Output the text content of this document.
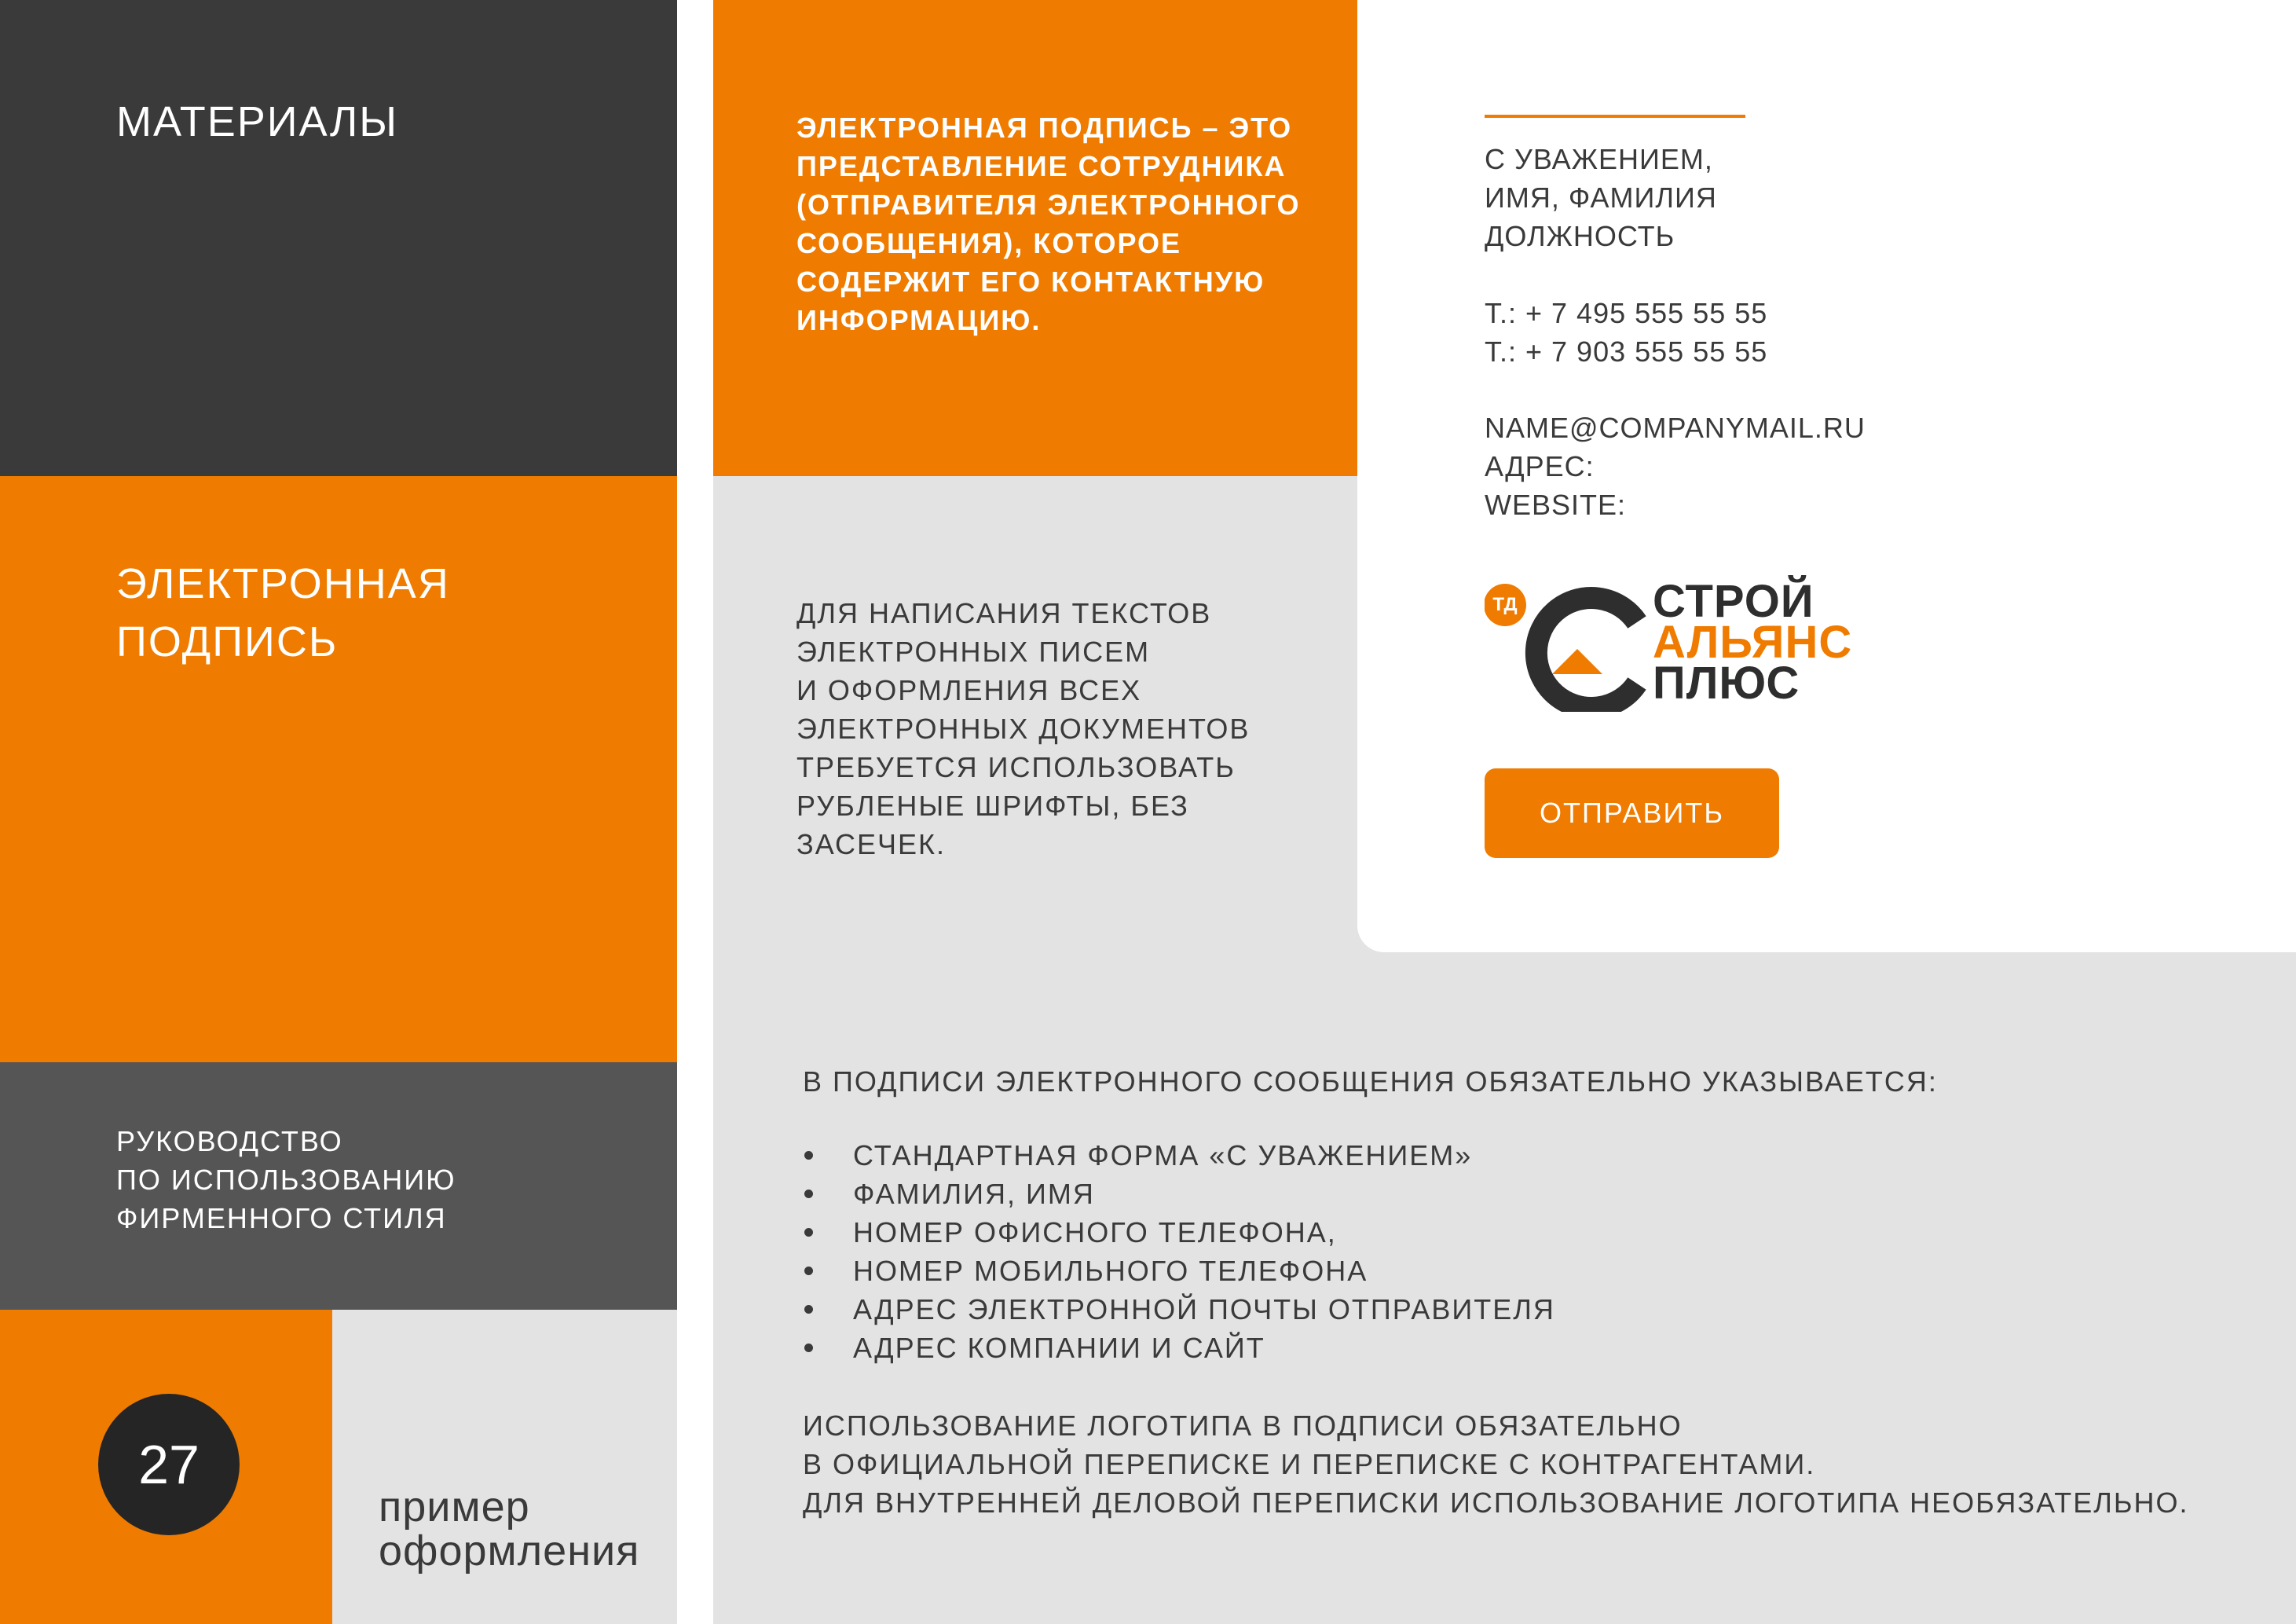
МАТЕРИАЛЫ
ЭЛЕКТРОННАЯ
ПОДПИСЬ
РУКОВОДСТВО
ПО ИСПОЛЬЗОВАНИЮ
ФИРМЕННОГО СТИЛЯ
27
пример
оформления
ЭЛЕКТРОННАЯ ПОДПИСЬ – ЭТО
ПРЕДСТАВЛЕНИЕ СОТРУДНИКА
(ОТПРАВИТЕЛЯ ЭЛЕКТРОННОГО
СООБЩЕНИЯ), КОТОРОЕ
СОДЕРЖИТ ЕГО КОНТАКТНУЮ
ИНФОРМАЦИЮ.
ДЛЯ НАПИСАНИЯ ТЕКСТОВ
ЭЛЕКТРОННЫХ ПИСЕМ
И ОФОРМЛЕНИЯ ВСЕХ
ЭЛЕКТРОННЫХ ДОКУМЕНТОВ
ТРЕБУЕТСЯ ИСПОЛЬЗОВАТЬ
РУБЛЕНЫЕ ШРИФТЫ, БЕЗ
ЗАСЕЧЕК.
С УВАЖЕНИЕМ,
ИМЯ, ФАМИЛИЯ
ДОЛЖНОСТЬ
Т.: + 7 495 555 55 55
Т.: + 7 903 555 55 55
NAME@COMPANYMAIL.RU
АДРЕС:
WEBSITE:
ТД	СТРОЙ
АЛЬЯНС
ПЛЮС
ОТПРАВИТЬ
В ПОДПИСИ ЭЛЕКТРОННОГО СООБЩЕНИЯ ОБЯЗАТЕЛЬНО УКАЗЫВАЕТСЯ:
СТАНДАРТНАЯ ФОРМА «С УВАЖЕНИЕМ»
ФАМИЛИЯ, ИМЯ
НОМЕР ОФИСНОГО ТЕЛЕФОНА,
НОМЕР МОБИЛЬНОГО ТЕЛЕФОНА
АДРЕС ЭЛЕКТРОННОЙ ПОЧТЫ ОТПРАВИТЕЛЯ
АДРЕС КОМПАНИИ И САЙТ
ИСПОЛЬЗОВАНИЕ ЛОГОТИПА В ПОДПИСИ ОБЯЗАТЕЛЬНО
В ОФИЦИАЛЬНОЙ ПЕРЕПИСКЕ И ПЕРЕПИСКЕ С КОНТРАГЕНТАМИ.
ДЛЯ ВНУТРЕННЕЙ ДЕЛОВОЙ ПЕРЕПИСКИ ИСПОЛЬЗОВАНИЕ ЛОГОТИПА НЕОБЯЗАТЕЛЬНО.
